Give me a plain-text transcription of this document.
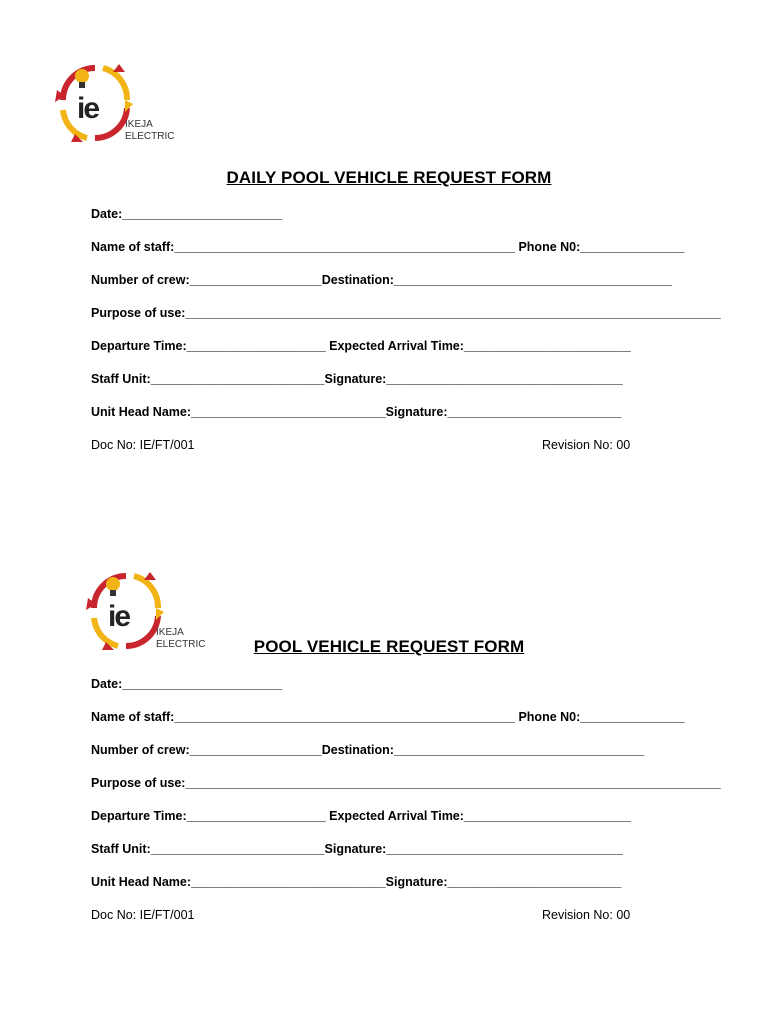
ie	IKEJA
ELECTRIC
DAILY POOL VEHICLE REQUEST FORM
Date:_______________________
Name of staff:_________________________________________________ Phone N0:_______________
Number of crew:___________________Destination:________________________________________
Purpose of use:_____________________________________________________________________________
Departure Time:____________________ Expected Arrival Time:________________________
Staff Unit:_________________________Signature:__________________________________
Unit Head Name:____________________________Signature:_________________________
Doc No: IE/FT/001	Revision No: 00
ie	IKEJA
ELECTRIC	POOL VEHICLE REQUEST FORM
Date:_______________________
Name of staff:_________________________________________________ Phone N0:_______________
Number of crew:___________________Destination:____________________________________
Purpose of use:_____________________________________________________________________________
Departure Time:____________________ Expected Arrival Time:________________________
Staff Unit:_________________________Signature:__________________________________
Unit Head Name:____________________________Signature:_________________________
Doc No: IE/FT/001	Revision No: 00
